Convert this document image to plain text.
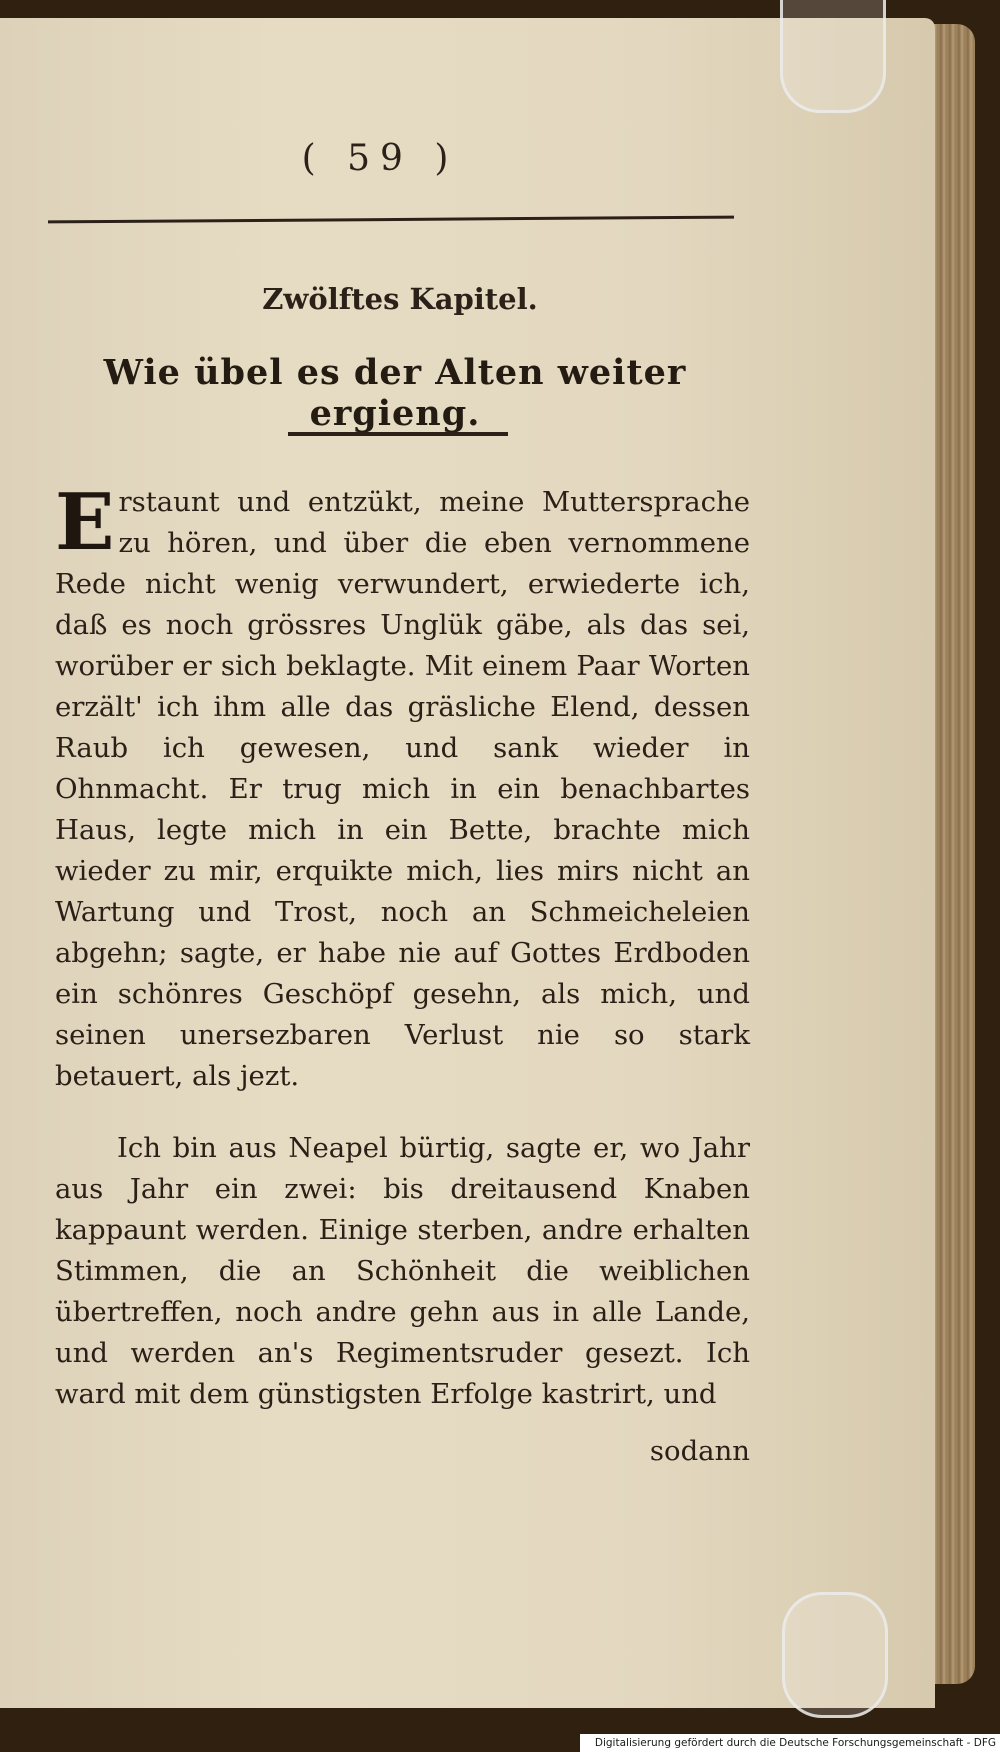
( 59 )
Zwölftes Kapitel.
Wie übel es der Alten weiter ergieng.

Erstaunt und entzükt, meine Muttersprache zu hören, und über die eben vernommene Rede nicht wenig verwundert, erwiederte ich, daß es noch grössres Unglük gäbe, als das sei, worüber er sich beklagte. Mit einem Paar Worten erzält' ich ihm alle das gräsliche Elend, dessen Raub ich gewesen, und sank wieder in Ohnmacht. Er trug mich in ein benachbartes Haus, legte mich in ein Bette, brachte mich wieder zu mir, erquikte mich, lies mirs nicht an Wartung und Trost, noch an Schmeicheleien abgehn; sagte, er habe nie auf Gottes Erdboden ein schönres Geschöpf gesehn, als mich, und seinen unersezbaren Verlust nie so stark betauert, als jezt.

Ich bin aus Neapel bürtig, sagte er, wo Jahr aus Jahr ein zwei: bis dreitausend Knaben kappaunt werden. Einige sterben, andre erhalten Stimmen, die an Schönheit die weiblichen übertreffen, noch andre gehn aus in alle Lande, und werden an's Regimentsruder gesezt. Ich ward mit dem günstigsten Erfolge kastrirt, und

sodann
Digitalisierung gefördert durch die Deutsche Forschungsgemeinschaft - DFG
